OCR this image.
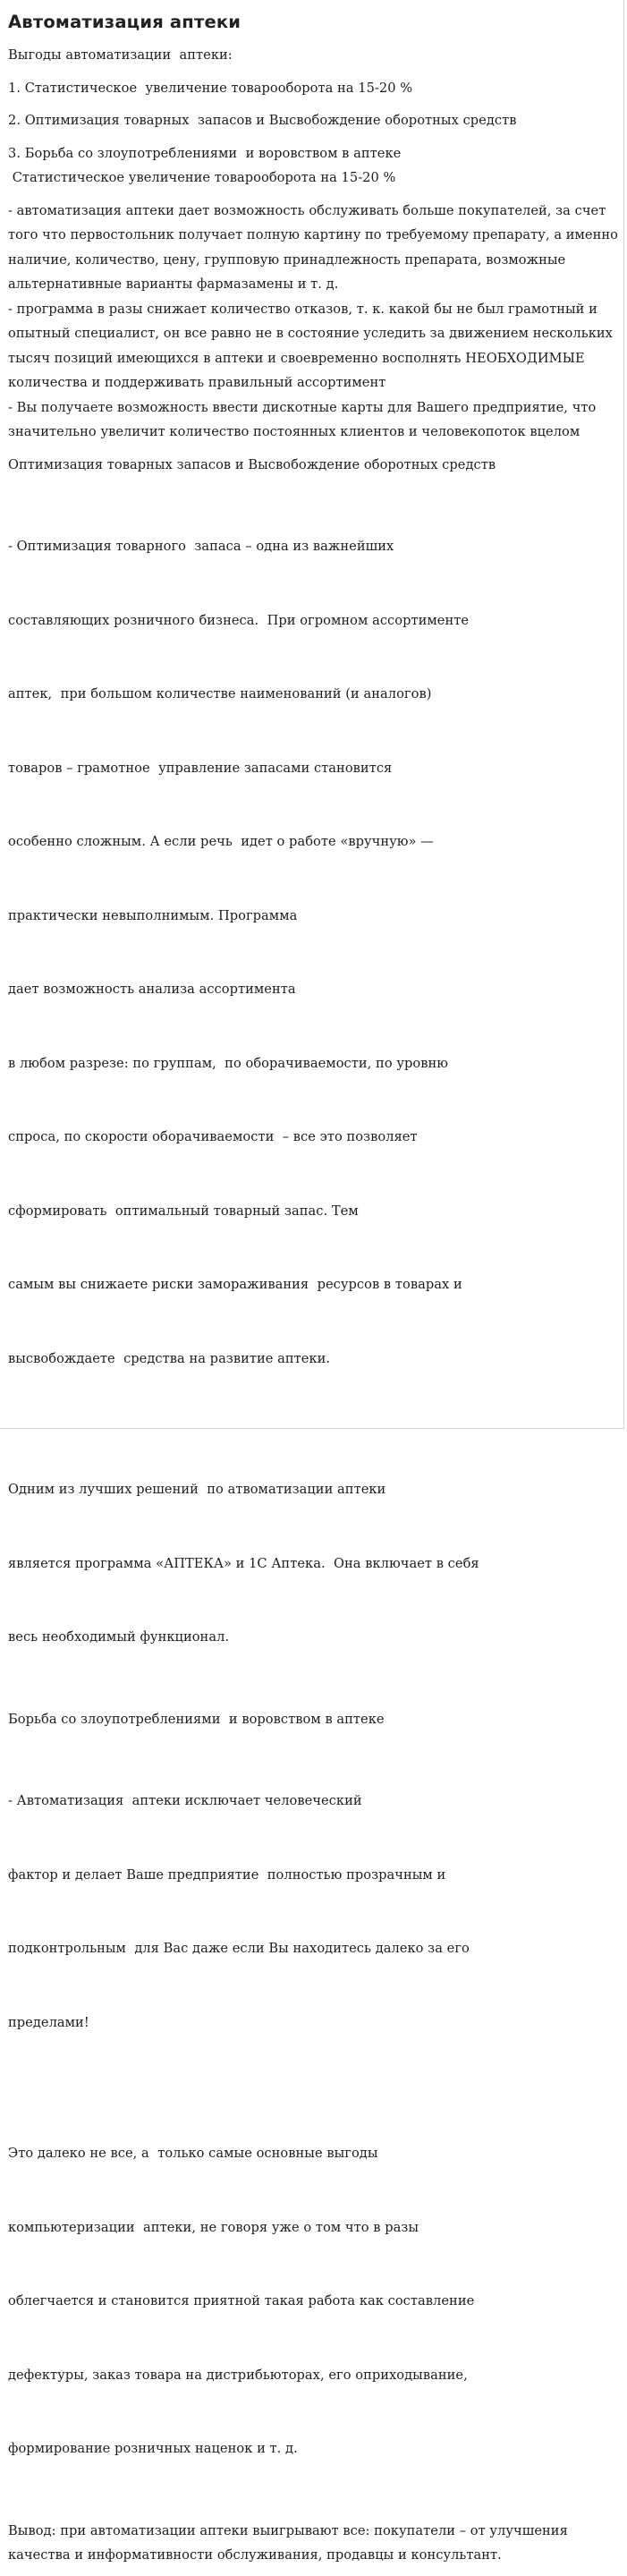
Автоматизация аптеки

Выгоды автоматизации  аптеки:

1. Статистическое  увеличение товарооборота на 15-20 %

2. Оптимизация товарных  запасов и Высвобождение оборотных средств

3. Борьба со злоупотреблениями  и воровством в аптеке

Статистическое увеличение товарооборота на 15-20 %

- автоматизация аптеки дает возможность обслуживать больше покупателей, за счет того что первостольник получает полную картину по требуемому препарату, а именно наличие, количество, цену, групповую принадлежность препарата, возможные альтернативные варианты фармазамены и т. д.

- программа в разы снижает количество отказов, т. к. какой бы не был грамотный и опытный специалист, он все равно не в состояние уследить за движением нескольких тысяч позиций имеющихся в аптеки и своевременно восполнять НЕОБХОДИМЫЕ количества и поддерживать правильный ассортимент

- Вы получаете возможность ввести дискотные карты для Вашего предприятие, что значительно увеличит количество постоянных клиентов и человекопоток вцелом

Оптимизация товарных запасов и Высвобождение оборотных средств

- Оптимизация товарного  запаса – одна из важнейших

составляющих розничного бизнеса.  При огромном ассортименте

аптек,  при большом количестве наименований (и аналогов)

товаров – грамотное  управление запасами становится

особенно сложным. А если речь  идет о работе «вручную» —

практически невыполнимым. Программа

дает возможность анализа ассортимента

в любом разрезе: по группам,  по оборачиваемости, по уровню

спроса, по скорости оборачиваемости  – все это позволяет

сформировать  оптимальный товарный запас. Тем

самым вы снижаете риски замораживания  ресурсов в товарах и

высвобождаете  средства на развитие аптеки.

Одним из лучших решений  по атвоматизации аптеки

является программа «АПТЕКА» и 1С Аптека.  Она включает в себя

весь необходимый функционал.

Борьба со злоупотреблениями  и воровством в аптеке

- Автоматизация  аптеки исключает человеческий

фактор и делает Ваше предприятие  полностью прозрачным и

подконтрольным  для Вас даже если Вы находитесь далеко за его

пределами!

Это далеко не все, а  только самые основные выгоды

компьютеризации  аптеки, не говоря уже о том что в разы

облегчается и становится приятной такая работа как составление

дефектуры, заказ товара на дистрибьюторах, его оприходывание,

формирование розничных наценок и т. д.

Вывод: при автоматизации аптеки выигрывают все: покупатели – от улучшения качества и информативности обслуживания, продавцы и консультант.
